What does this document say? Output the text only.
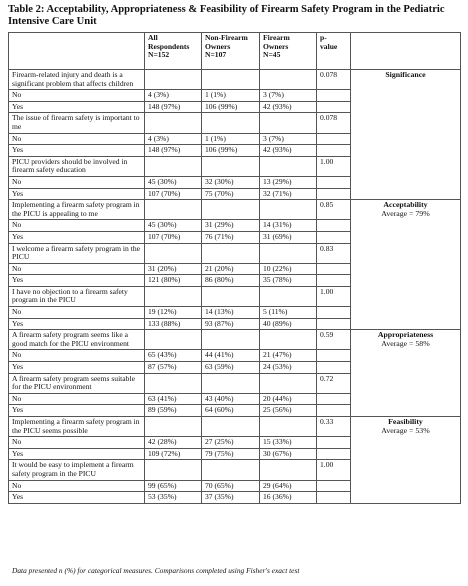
Table 2: Acceptability, Appropriateness & Feasibility of Firearm Safety Program in the Pediatric Intensive Care Unit
	All
Respondents
N=152	Non-Firearm
Owners
N=107	Firearm
Owners
N=45	p-
value	
Firearm-related injury and death is a significant problem that affects children				0.078	Significance

No	4 (3%)	1 (1%)	3 (7%)		
Yes	148 (97%)	106 (99%)	42 (93%)		
The issue of firearm safety is important to me				0.078	
No	4 (3%)	1 (1%)	3 (7%)		
Yes	148 (97%)	106 (99%)	42 (93%)		
PICU providers should be involved in firearm safety education				1.00	
No	45 (30%)	32 (30%)	13 (29%)		
Yes	107 (70%)	75 (70%)	32 (71%)		
Implementing a firearm safety program in the PICU is appealing to me				0.85	Acceptability
Average = 79%

No	45 (30%)	31 (29%)	14 (31%)		
Yes	107 (70%)	76 (71%)	31 (69%)		
I welcome a firearm safety program in the PICU				0.83	
No	31 (20%)	21 (20%)	10 (22%)		
Yes	121 (80%)	86 (80%)	35 (78%)		
I have no objection to a firearm safety program in the PICU				1.00	
No	19 (12%)	14 (13%)	5 (11%)		
Yes	133 (88%)	93 (87%)	40 (89%)		
A firearm safety program seems like a good match for the PICU environment				0.59	Appropriateness
Average = 58%

No	65 (43%)	44 (41%)	21 (47%)		
Yes	87 (57%)	63 (59%)	24 (53%)		
A firearm safety program seems suitable for the PICU environment				0.72	
No	63 (41%)	43 (40%)	20 (44%)		
Yes	89 (59%)	64 (60%)	25 (56%)		
Implementing a firearm safety program in the PICU seems possible				0.33	Feasibility
Average = 53%

No	42 (28%)	27 (25%)	15 (33%)		
Yes	109 (72%)	79 (75%)	30 (67%)		
It would be easy to implement a firearm safety program in the PICU				1.00	
No	99 (65%)	70 (65%)	29 (64%)		
Yes	53 (35%)	37 (35%)	16 (36%)		
Data presented n (%) for categorical measures. Comparisons completed using Fisher's exact test
